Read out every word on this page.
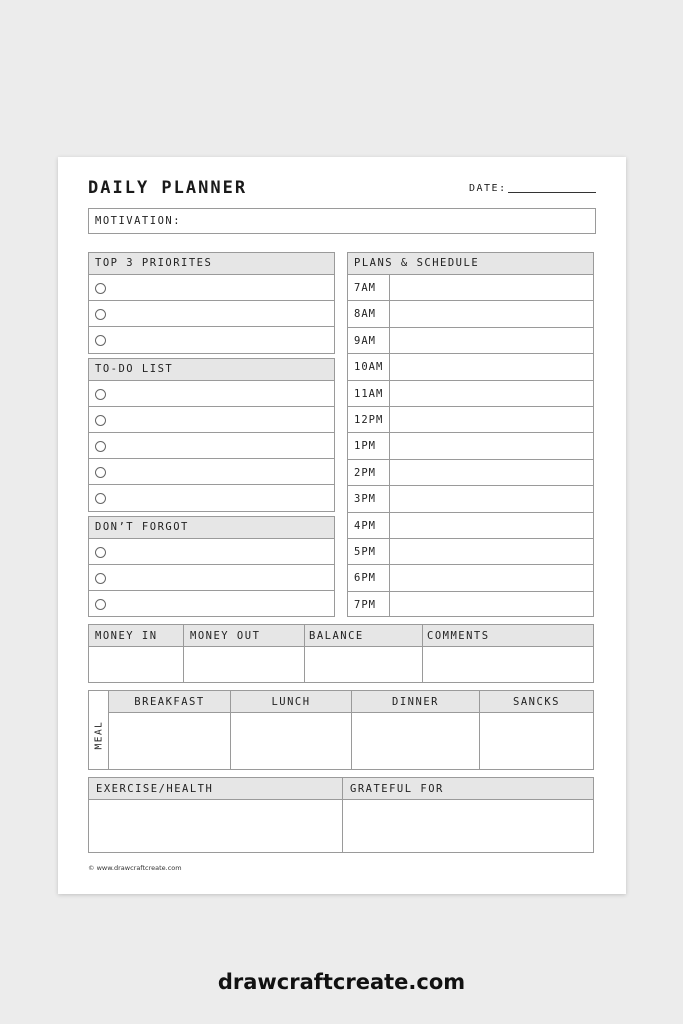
DAILY PLANNER	DATE:
MOTIVATION:
TOP 3 PRIORITES
TO-DO LIST
DON’T FORGOT
PLANS & SCHEDULE
7AM
8AM
9AM
10AM
11AM
12PM
1PM
2PM
3PM
4PM
5PM
6PM
7PM
MONEY IN	MONEY OUT	BALANCE	COMMENTS
MEAL
BREAKFAST	LUNCH	DINNER	SANCKS
EXERCISE/HEALTH	GRATEFUL FOR
© www.drawcraftcreate.com
drawcraftcreate.com
